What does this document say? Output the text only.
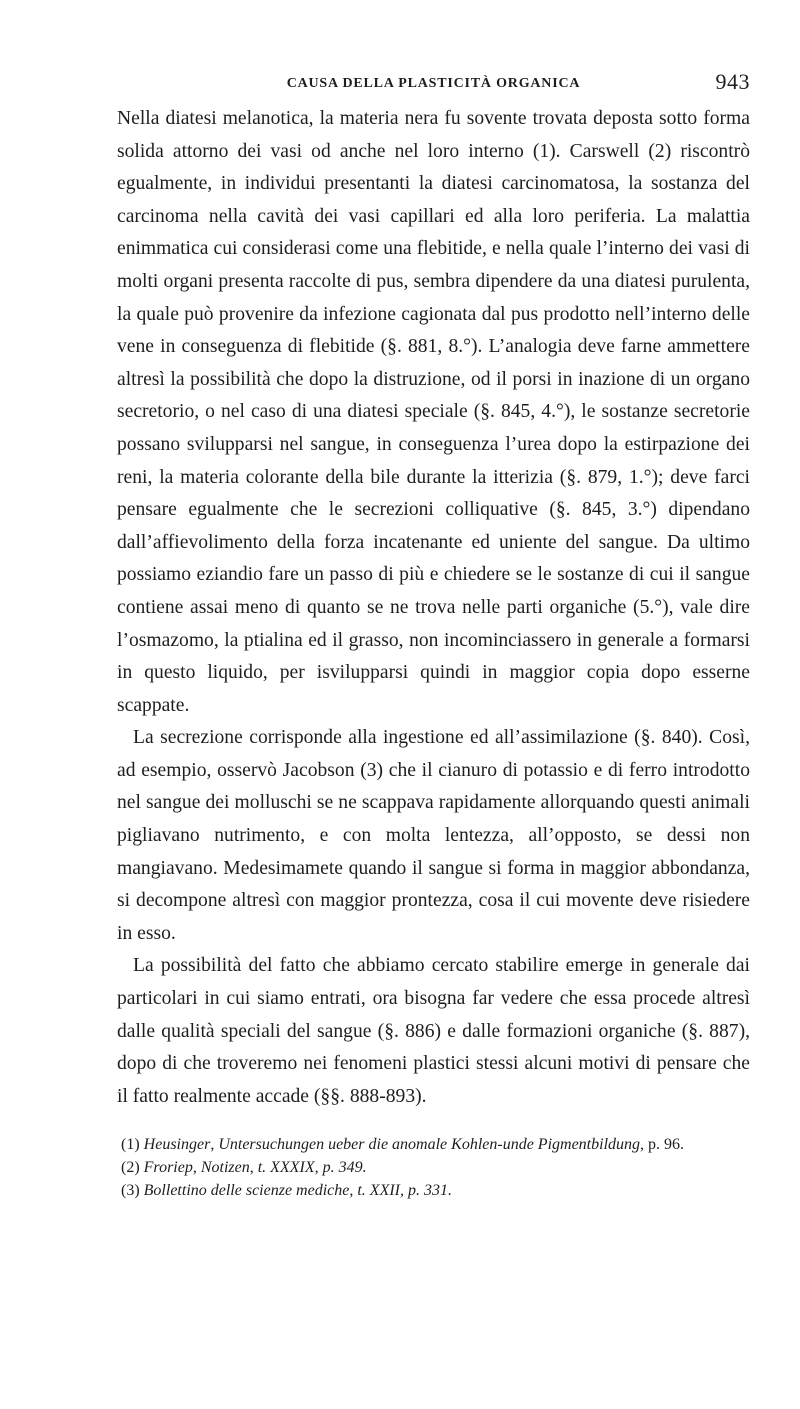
CAUSA DELLA PLASTICITÀ ORGANICA	943

Nella diatesi melanotica, la materia nera fu sovente trovata deposta sotto forma solida attorno dei vasi od anche nel loro interno (1). Carswell (2) riscontrò egualmente, in individui presentanti la diatesi carcinomatosa, la sostanza del carcinoma nella cavità dei vasi capillari ed alla loro periferia. La malattia enimmatica cui considerasi come una flebitide, e nella quale l’interno dei vasi di molti organi presenta raccolte di pus, sembra dipendere da una diatesi purulenta, la quale può provenire da infezione cagionata dal pus prodotto nell’interno delle vene in conseguenza di flebitide (§. 881, 8.°). L’analogia deve farne ammettere altresì la possibilità che dopo la distruzione, od il porsi in inazione di un organo secretorio, o nel caso di una diatesi speciale (§. 845, 4.°), le sostanze secretorie possano svilupparsi nel sangue, in conseguenza l’urea dopo la estirpazione dei reni, la materia colorante della bile durante la itterizia (§. 879, 1.°); deve farci pensare egualmente che le secrezioni colliquative (§. 845, 3.°) dipendano dall’affievolimento della forza incatenante ed uniente del sangue. Da ultimo possiamo eziandio fare un passo di più e chiedere se le sostanze di cui il sangue contiene assai meno di quanto se ne trova nelle parti organiche (5.°), vale dire l’osmazomo, la ptialina ed il grasso, non incominciassero in generale a formarsi in questo liquido, per isvilupparsi quindi in maggior copia dopo esserne scappate.

La secrezione corrisponde alla ingestione ed all’assimilazione (§. 840). Così, ad esempio, osservò Jacobson (3) che il cianuro di potassio e di ferro introdotto nel sangue dei molluschi se ne scappava rapidamente allorquando questi animali pigliavano nutrimento, e con molta lentezza, all’opposto, se dessi non mangiavano. Medesimamete quando il sangue si forma in maggior abbondanza, si decompone altresì con maggior prontezza, cosa il cui movente deve risiedere in esso.

La possibilità del fatto che abbiamo cercato stabilire emerge in generale dai particolari in cui siamo entrati, ora bisogna far vedere che essa procede altresì dalle qualità speciali del sangue (§. 886) e dalle formazioni organiche (§. 887), dopo di che troveremo nei fenomeni plastici stessi alcuni motivi di pensare che il fatto realmente accade (§§. 888-893).

(1) Heusinger, Untersuchungen ueber die anomale Kohlen-unde Pigmentbildung, p. 96.

(2) Froriep, Notizen, t. XXXIX, p. 349.

(3) Bollettino delle scienze mediche, t. XXII, p. 331.
